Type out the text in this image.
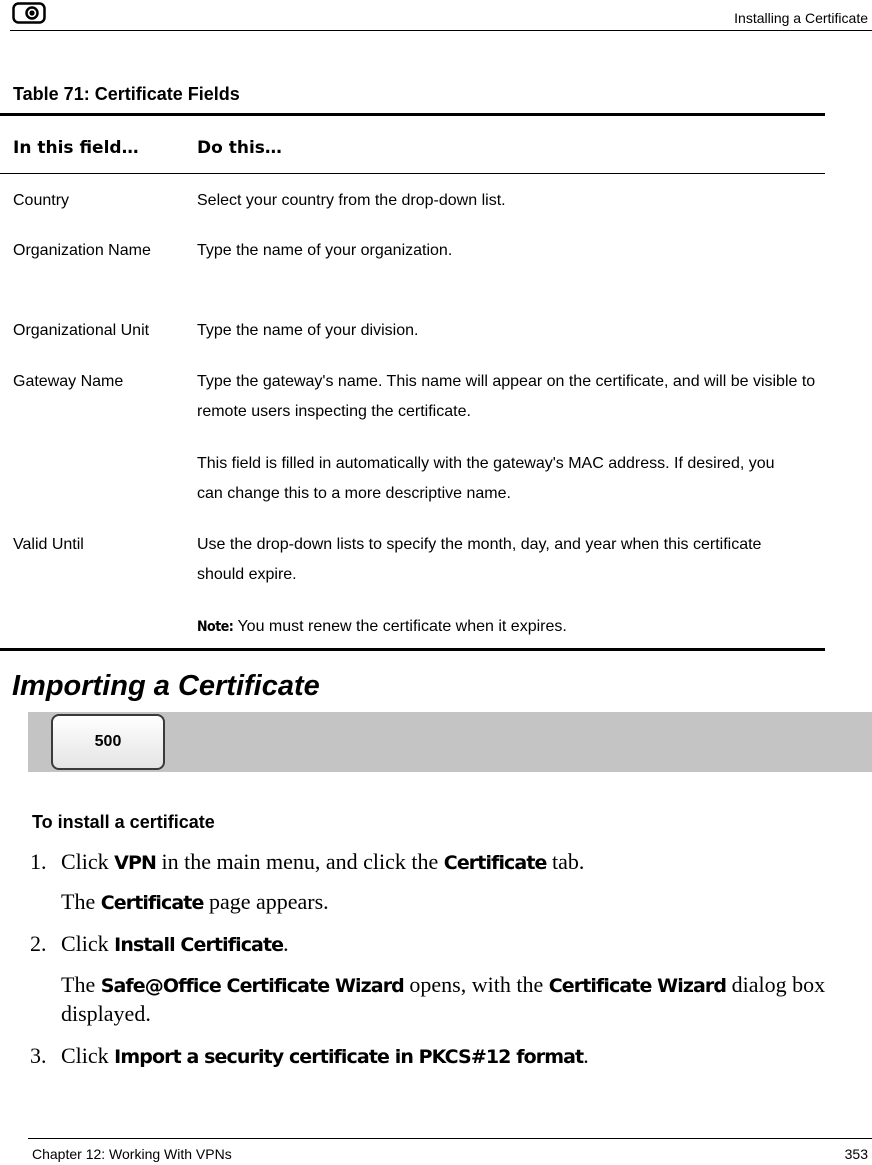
Installing a Certificate
Table 71: Certificate Fields
In this field…	Do this…
Country	Select your country from the drop-down list.
Organization Name	Type the name of your organization.
Organizational Unit	Type the name of your division.
Gateway Name	Type the gateway's name. This name will appear on the certificate, and will be visible to remote users inspecting the certificate.
This field is filled in automatically with the gateway's MAC address. If desired, you can change this to a more descriptive name.
Valid Until	Use the drop-down lists to specify the month, day, and year when this certificate should expire.
Note: You must renew the certificate when it expires.
Importing a Certificate
500
To install a certificate
1. Click VPN in the main menu, and click the Certificate tab.
The Certificate page appears.
2. Click Install Certificate.
The Safe@Office Certificate Wizard opens, with the Certificate Wizard dialog box displayed.
3. Click Import a security certificate in PKCS#12 format.
Chapter 12: Working With VPNs	353
